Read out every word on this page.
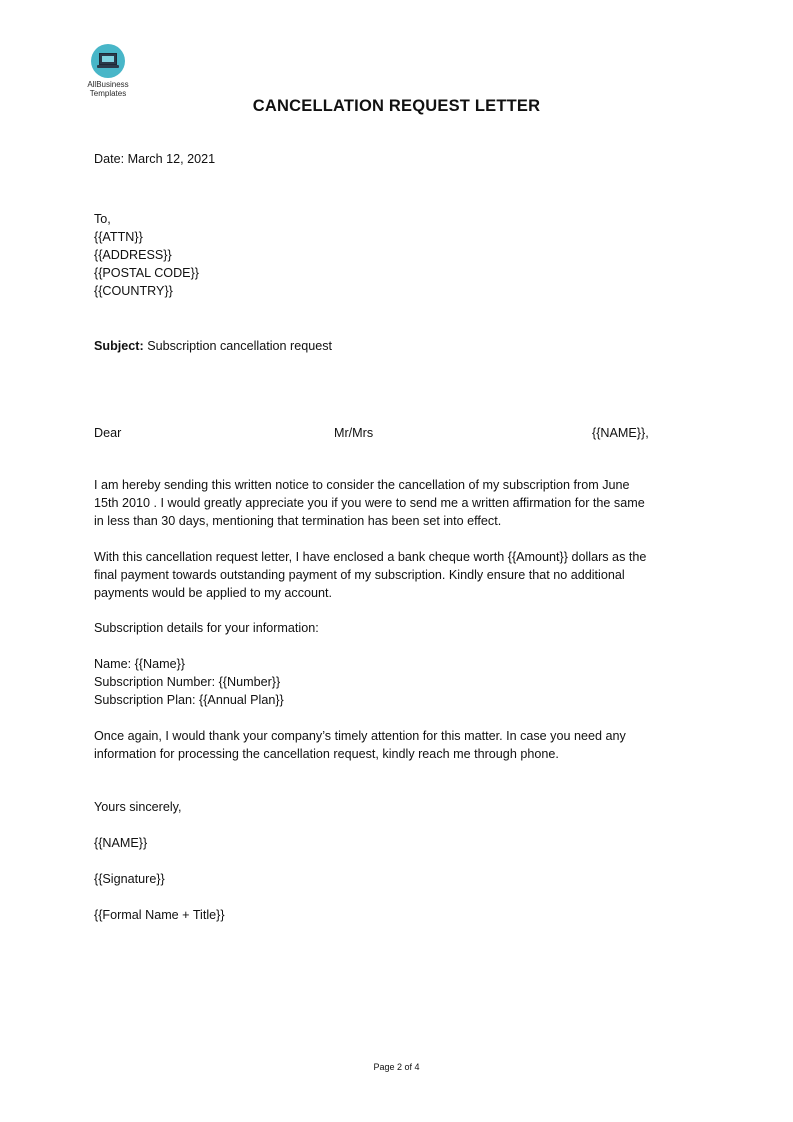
AllBusiness
Templates
CANCELLATION REQUEST LETTER
Date: March 12, 2021
To,
{{ATTN}}
{{ADDRESS}}
{{POSTAL CODE}}
{{COUNTRY}}
Subject: Subscription cancellation request
Dear	Mr/Mrs	{{NAME}},
I am hereby sending this written notice to consider the cancellation of my subscription from June
15th 2010 . I would greatly appreciate you if you were to send me a written affirmation for the same
in less than 30 days, mentioning that termination has been set into effect.
With this cancellation request letter, I have enclosed a bank cheque worth {{Amount}} dollars as the
final payment towards outstanding payment of my subscription. Kindly ensure that no additional
payments would be applied to my account.
Subscription details for your information:
Name: {{Name}}
Subscription Number: {{Number}}
Subscription Plan: {{Annual Plan}}
Once again, I would thank your company’s timely attention for this matter. In case you need any
information for processing the cancellation request, kindly reach me through phone.
Yours sincerely,
{{NAME}}
{{Signature}}
{{Formal Name + Title}}
Page 2 of 4
